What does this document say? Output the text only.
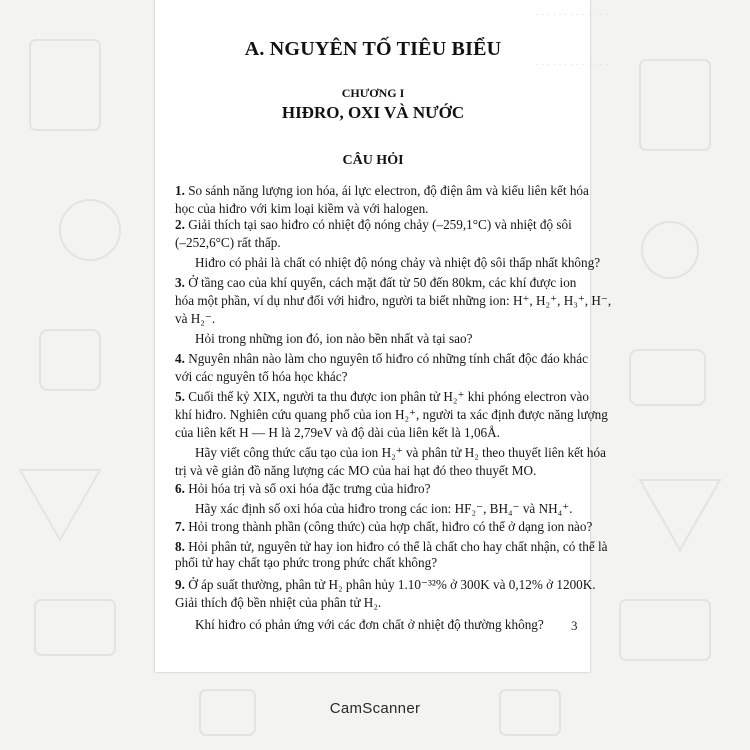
· · · · · · · · · · · · ·
· · · · · · · · · · · · ·
A. NGUYÊN TỐ TIÊU BIỂU
CHƯƠNG I
HIĐRO, OXI VÀ NƯỚC
CÂU HỎI
1. So sánh năng lượng ion hóa, ái lực electron, độ điện âm và kiểu liên kết hóa
học của hiđro với kim loại kiềm và với halogen.
2. Giải thích tại sao hiđro có nhiệt độ nóng chảy (–259,1°C) và nhiệt độ sôi
(–252,6°C) rất thấp.
Hiđro có phải là chất có nhiệt độ nóng chảy và nhiệt độ sôi thấp nhất không?
3. Ở tầng cao của khí quyển, cách mặt đất từ 50 đến 80km, các khí được ion
hóa một phần, ví dụ như đối với hiđro, người ta biết những ion: H⁺, H₂⁺, H₃⁺, H⁻,
và H₂⁻.
Hỏi trong những ion đó, ion nào bền nhất và tại sao?
4. Nguyên nhân nào làm cho nguyên tố hiđro có những tính chất độc đáo khác
với các nguyên tố hóa học khác?
5. Cuối thế kỷ XIX, người ta thu được ion phân tử H₂⁺ khi phóng electron vào
khí hiđro. Nghiên cứu quang phổ của ion H₂⁺, người ta xác định được năng lượng
của liên kết H — H là 2,79eV và độ dài của liên kết là 1,06Å.
Hãy viết công thức cấu tạo của ion H₂⁺ và phân tử H₂ theo thuyết liên kết hóa
trị và vẽ giản đồ năng lượng các MO của hai hạt đó theo thuyết MO.
6. Hỏi hóa trị và số oxi hóa đặc trưng của hiđro?
Hãy xác định số oxi hóa của hiđro trong các ion: HF₂⁻, BH₄⁻ và NH₄⁺.
7. Hỏi trong thành phần (công thức) của hợp chất, hiđro có thể ở dạng ion nào?
8. Hỏi phân tử, nguyên tử hay ion hiđro có thể là chất cho hay chất nhận, có thể là
phối tử hay chất tạo phức trong phức chất không?
9. Ở áp suất thường, phân tử H₂ phân hủy 1.10⁻³²% ở 300K và 0,12% ở 1200K.
Giải thích độ bền nhiệt của phân tử H₂.
Khí hiđro có phản ứng với các đơn chất ở nhiệt độ thường không?	3
CamScanner
